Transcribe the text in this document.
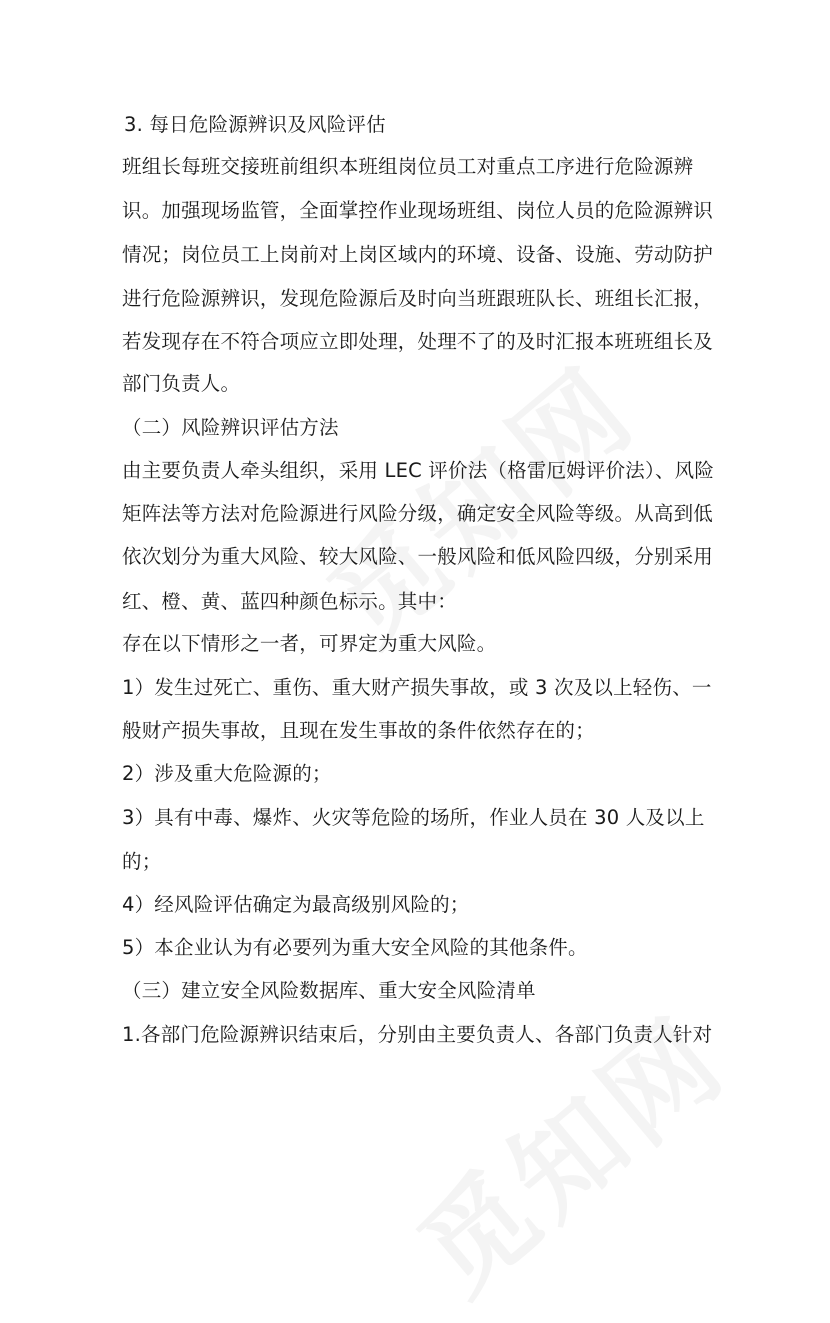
3. 每日危险源辨识及风险评估
班组长每班交接班前组织本班组岗位员工对重点工序进行危险源辨
识。加强现场监管，全面掌控作业现场班组、岗位人员的危险源辨识
情况；岗位员工上岗前对上岗区域内的环境、设备、设施、劳动防护
进行危险源辨识，发现危险源后及时向当班跟班队长、班组长汇报，
若发现存在不符合项应立即处理，处理不了的及时汇报本班班组长及
部门负责人。
（二）风险辨识评估方法
由主要负责人牵头组织，采用 LEC 评价法（格雷厄姆评价法）、风险
矩阵法等方法对危险源进行风险分级，确定安全风险等级。从高到低
依次划分为重大风险、较大风险、一般风险和低风险四级，分别采用
红、橙、黄、蓝四种颜色标示。其中：
存在以下情形之一者，可界定为重大风险。
1）发生过死亡、重伤、重大财产损失事故，或 3 次及以上轻伤、一
般财产损失事故，且现在发生事故的条件依然存在的；
2）涉及重大危险源的；
3）具有中毒、爆炸、火灾等危险的场所，作业人员在 30 人及以上
的；
4）经风险评估确定为最高级别风险的；
5）本企业认为有必要列为重大安全风险的其他条件。
（三）建立安全风险数据库、重大安全风险清单
1.各部门危险源辨识结束后，分别由主要负责人、各部门负责人针对
